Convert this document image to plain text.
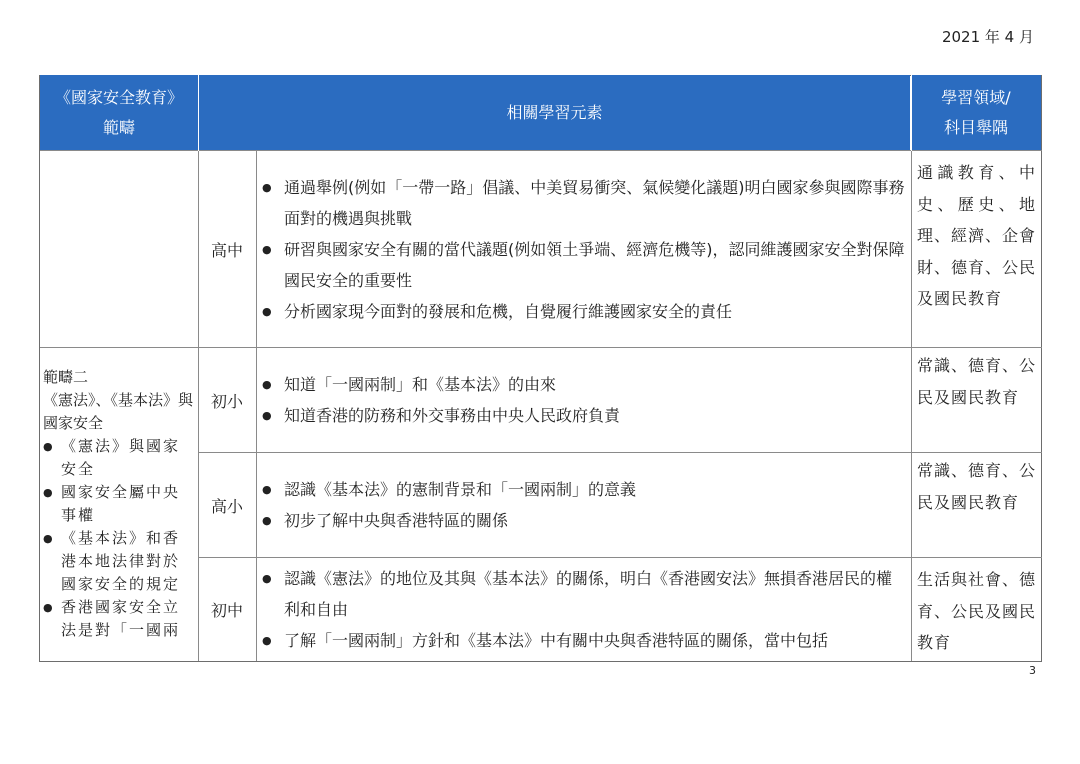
2021 年 4 月
《國家安全教育》
範疇
相關學習元素
學習領域/
科目舉隅
高中
● 通過舉例(例如「一帶一路」倡議、中美貿易衝突、氣候變化議題)明白國家參與國際事務面對的機遇與挑戰
● 研習與國家安全有關的當代議題(例如領土爭端、經濟危機等)，認同維護國家安全對保障國民安全的重要性
● 分析國家現今面對的發展和危機，自覺履行維護國家安全的責任
通識教育、中史、歷史、地理、經濟、企會財、德育、公民及國民教育
範疇二
《憲法》、《基本法》與國家安全
● 《憲法》與國家安全
● 國家安全屬中央事權
● 《基本法》和香港本地法律對於國家安全的規定
● 香港國家安全立法是對「一國兩
初小
● 知道「一國兩制」和《基本法》的由來
● 知道香港的防務和外交事務由中央人民政府負責
常識、德育、公民及國民教育
高小
● 認識《基本法》的憲制背景和「一國兩制」的意義
● 初步了解中央與香港特區的關係
常識、德育、公民及國民教育
初中
● 認識《憲法》的地位及其與《基本法》的關係，明白《香港國安法》無損香港居民的權利和自由
● 了解「一國兩制」方針和《基本法》中有關中央與香港特區的關係，當中包括
生活與社會、德育、公民及國民教育
3
